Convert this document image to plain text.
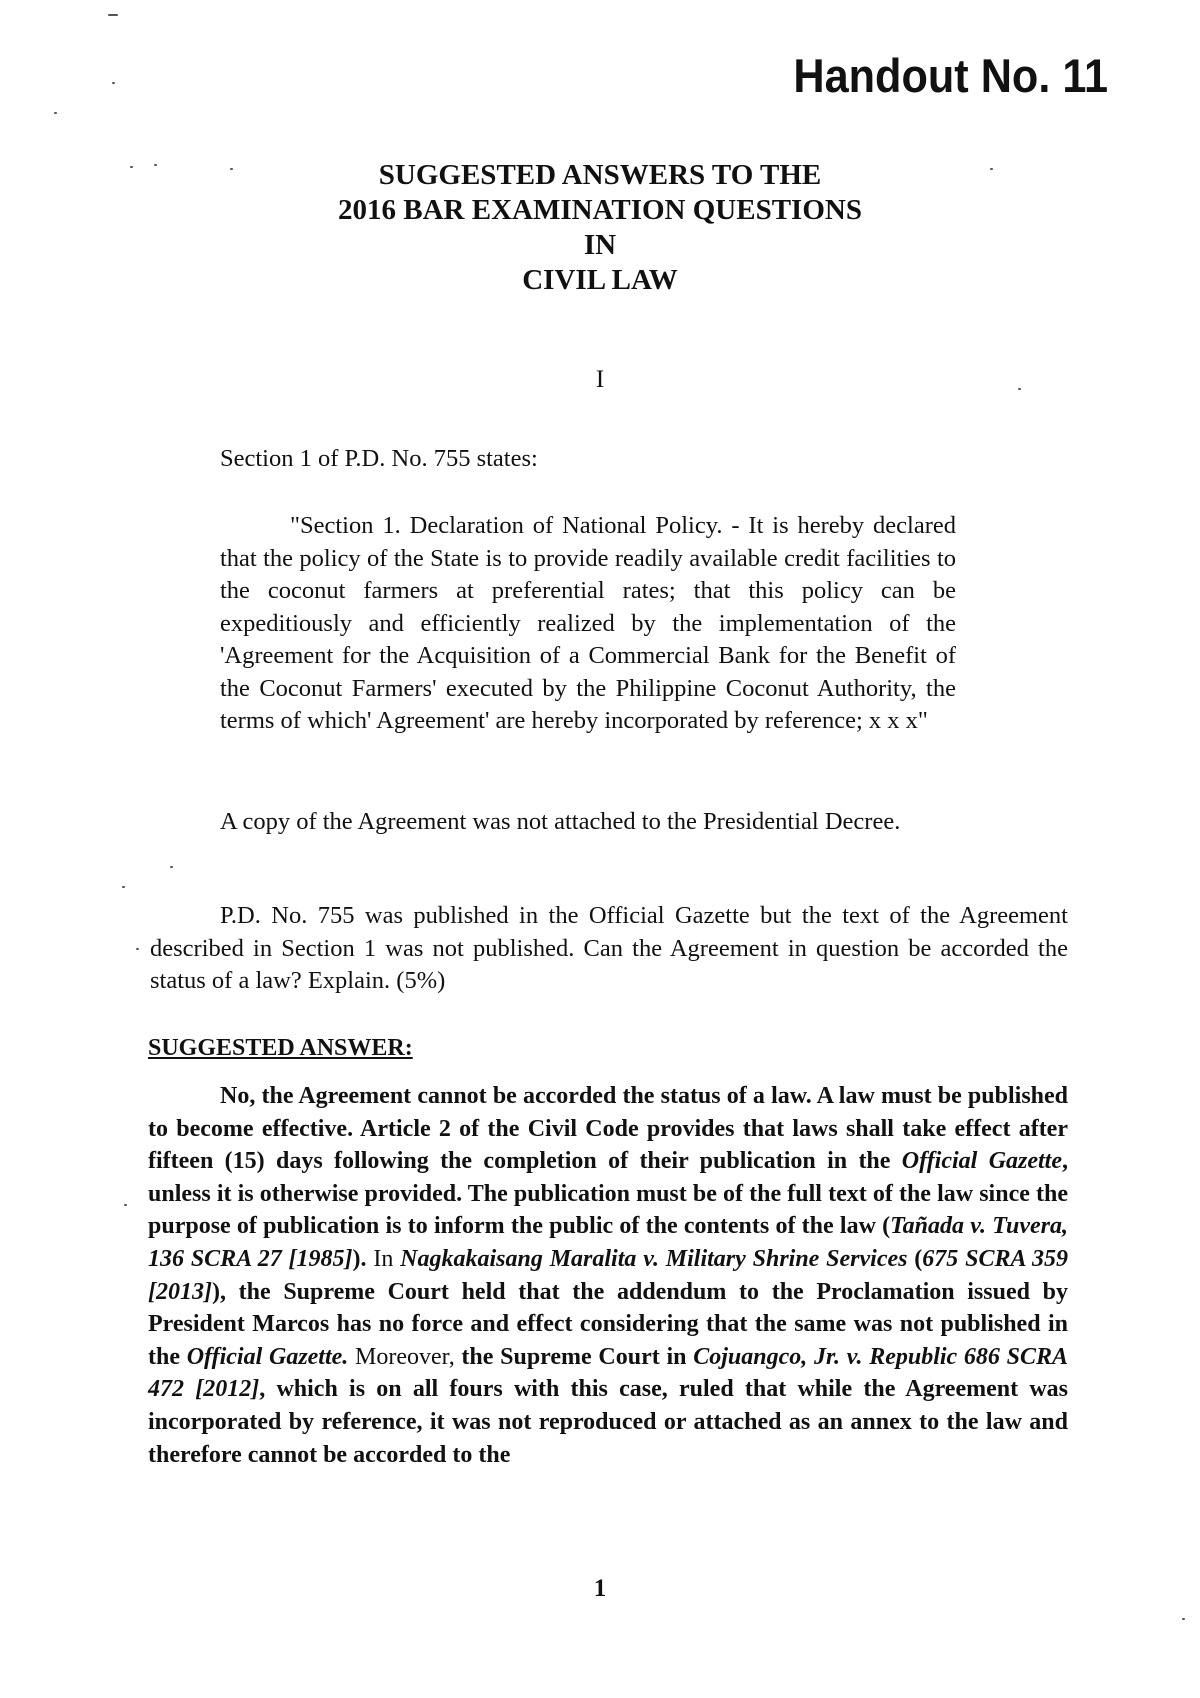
Handout No. 11
SUGGESTED ANSWERS TO THE
2016 BAR EXAMINATION QUESTIONS
IN
CIVIL LAW
I
Section 1 of P.D. No. 755 states:
"Section 1. Declaration of National Policy. - It is hereby declared that the policy of the State is to provide readily available credit facilities to the coconut farmers at preferential rates; that this policy can be expeditiously and efficiently realized by the implementation of the 'Agreement for the Acquisition of a Commercial Bank for the Benefit of the Coconut Farmers' executed by the Philippine Coconut Authority, the terms of which' Agreement' are hereby incorporated by reference; x x x"
A copy of the Agreement was not attached to the Presidential Decree.
P.D. No. 755 was published in the Official Gazette but the text of the Agreement described in Section 1 was not published. Can the Agreement in question be accorded the status of a law? Explain. (5%)
SUGGESTED ANSWER:
No, the Agreement cannot be accorded the status of a law. A law must be published to become effective. Article 2 of the Civil Code provides that laws shall take effect after fifteen (15) days following the completion of their publication in the Official Gazette, unless it is otherwise provided. The publication must be of the full text of the law since the purpose of publication is to inform the public of the contents of the law (Tañada v. Tuvera, 136 SCRA 27 [1985]). In Nagkakaisang Maralita v. Military Shrine Services (675 SCRA 359 [2013]), the Supreme Court held that the addendum to the Proclamation issued by President Marcos has no force and effect considering that the same was not published in the Official Gazette. Moreover, the Supreme Court in Cojuangco, Jr. v. Republic 686 SCRA 472 [2012], which is on all fours with this case, ruled that while the Agreement was incorporated by reference, it was not reproduced or attached as an annex to the law and therefore cannot be accorded to the
1
